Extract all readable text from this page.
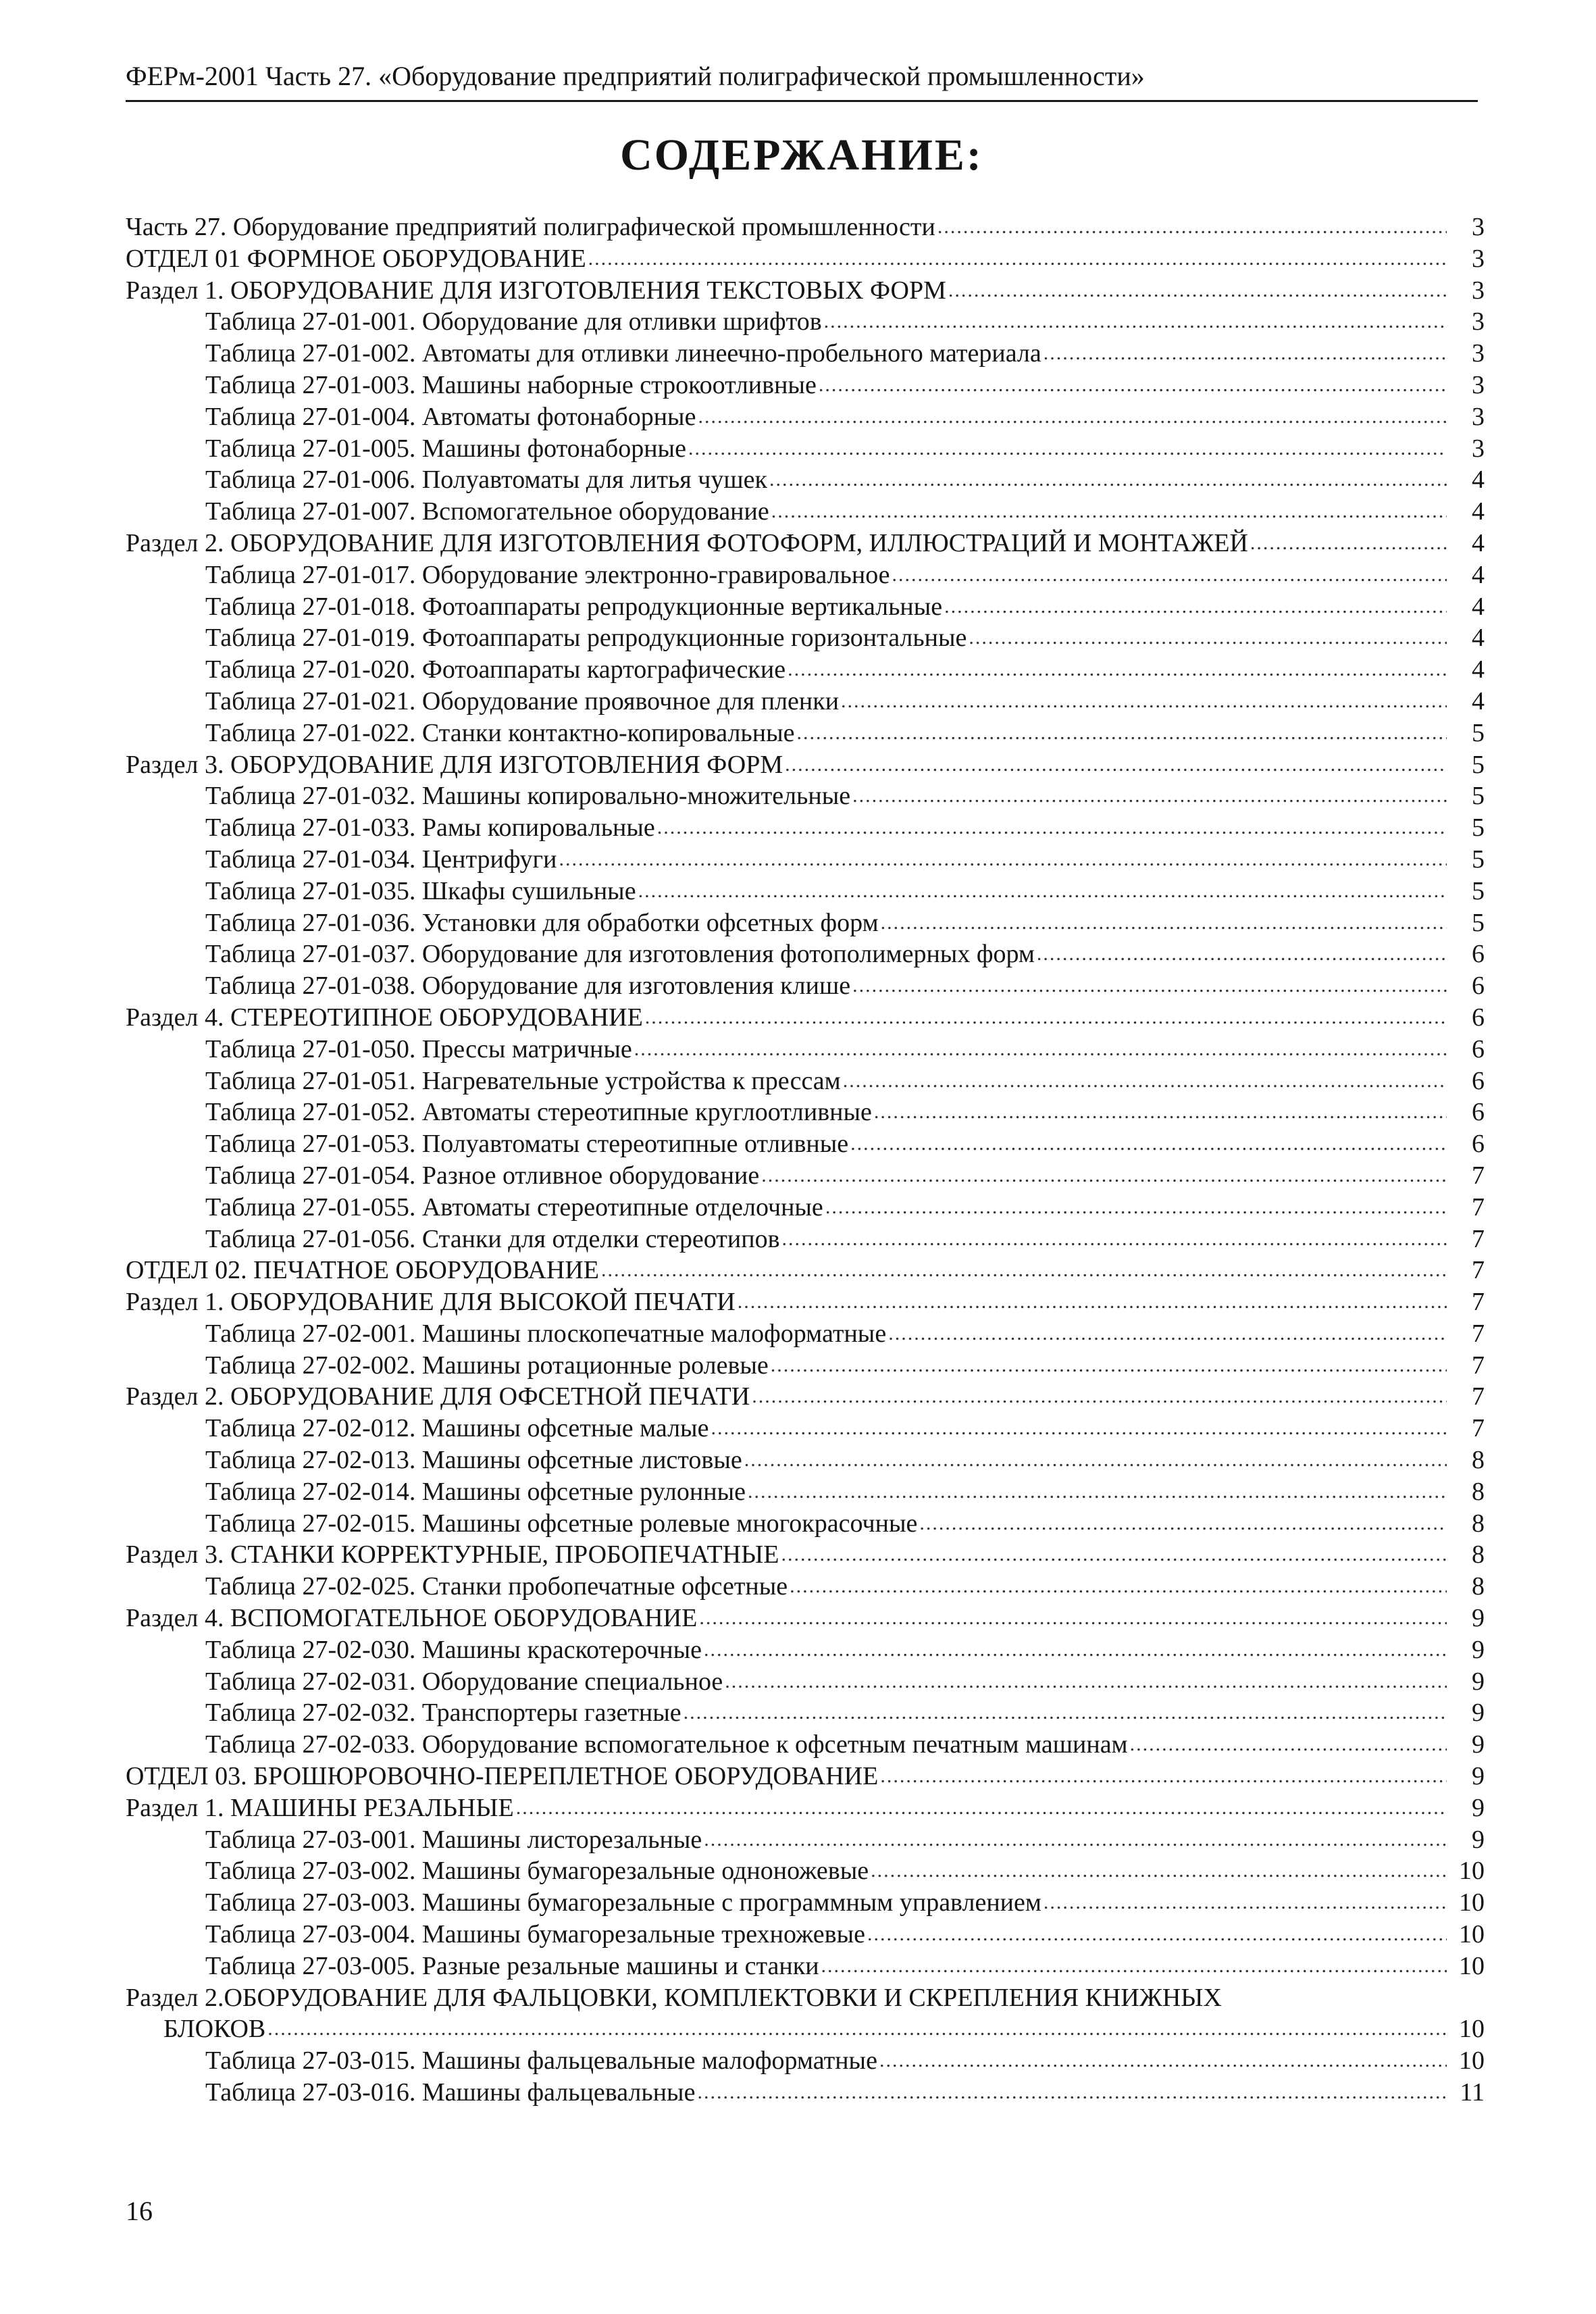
ФЕРм-2001 Часть 27. «Оборудование предприятий полиграфической промышленности»
СОДЕРЖАНИЕ:
Часть 27. Оборудование предприятий полиграфической промышленности .....	3
ОТДЕЛ 01 ФОРМНОЕ ОБОРУДОВАНИЕ .....	3
Раздел 1. ОБОРУДОВАНИЕ ДЛЯ ИЗГОТОВЛЕНИЯ ТЕКСТОВЫХ ФОРМ .....	3
Таблица 27-01-001. Оборудование для отливки шрифтов .....	3
Таблица 27-01-002. Автоматы для отливки линеечно-пробельного материала .....	3
Таблица 27-01-003. Машины наборные строкоотливные .....	3
Таблица 27-01-004. Автоматы фотонаборные .....	3
Таблица 27-01-005. Машины фотонаборные .....	3
Таблица 27-01-006. Полуавтоматы для литья чушек .....	4
Таблица 27-01-007. Вспомогательное оборудование .....	4
Раздел 2. ОБОРУДОВАНИЕ ДЛЯ ИЗГОТОВЛЕНИЯ ФОТОФОРМ, ИЛЛЮСТРАЦИЙ И МОНТАЖЕЙ .....	4
Таблица 27-01-017. Оборудование электронно-гравировальное .....	4
Таблица 27-01-018. Фотоаппараты репродукционные вертикальные .....	4
Таблица 27-01-019. Фотоаппараты репродукционные горизонтальные .....	4
Таблица 27-01-020. Фотоаппараты картографические .....	4
Таблица 27-01-021. Оборудование проявочное для пленки .....	4
Таблица 27-01-022. Станки контактно-копировальные .....	5
Раздел 3. ОБОРУДОВАНИЕ ДЛЯ ИЗГОТОВЛЕНИЯ ФОРМ .....	5
Таблица 27-01-032. Машины копировально-множительные .....	5
Таблица 27-01-033. Рамы копировальные .....	5
Таблица 27-01-034. Центрифуги .....	5
Таблица 27-01-035. Шкафы сушильные .....	5
Таблица 27-01-036. Установки для обработки офсетных форм .....	5
Таблица 27-01-037. Оборудование для изготовления фотополимерных форм .....	6
Таблица 27-01-038. Оборудование для изготовления клише .....	6
Раздел 4. СТЕРЕОТИПНОЕ ОБОРУДОВАНИЕ .....	6
Таблица 27-01-050. Прессы матричные .....	6
Таблица 27-01-051. Нагревательные устройства к прессам .....	6
Таблица 27-01-052. Автоматы стереотипные круглоотливные .....	6
Таблица 27-01-053. Полуавтоматы стереотипные отливные .....	6
Таблица 27-01-054. Разное отливное оборудование .....	7
Таблица 27-01-055. Автоматы стереотипные отделочные .....	7
Таблица 27-01-056. Станки для отделки стереотипов .....	7
ОТДЕЛ 02. ПЕЧАТНОЕ ОБОРУДОВАНИЕ .....	7
Раздел 1. ОБОРУДОВАНИЕ ДЛЯ ВЫСОКОЙ ПЕЧАТИ .....	7
Таблица 27-02-001. Машины плоскопечатные малоформатные .....	7
Таблица 27-02-002. Машины ротационные ролевые .....	7
Раздел 2. ОБОРУДОВАНИЕ ДЛЯ ОФСЕТНОЙ ПЕЧАТИ .....	7
Таблица 27-02-012. Машины офсетные малые .....	7
Таблица 27-02-013. Машины офсетные листовые .....	8
Таблица 27-02-014. Машины офсетные рулонные .....	8
Таблица 27-02-015. Машины офсетные ролевые многокрасочные .....	8
Раздел 3. СТАНКИ КОРРЕКТУРНЫЕ, ПРОБОПЕЧАТНЫЕ .....	8
Таблица 27-02-025. Станки пробопечатные офсетные .....	8
Раздел 4. ВСПОМОГАТЕЛЬНОЕ ОБОРУДОВАНИЕ .....	9
Таблица 27-02-030. Машины краскотерочные .....	9
Таблица 27-02-031. Оборудование специальное .....	9
Таблица 27-02-032. Транспортеры газетные .....	9
Таблица 27-02-033. Оборудование вспомогательное к офсетным печатным машинам .....	9
ОТДЕЛ 03. БРОШЮРОВОЧНО-ПЕРЕПЛЕТНОЕ ОБОРУДОВАНИЕ .....	9
Раздел 1. МАШИНЫ РЕЗАЛЬНЫЕ .....	9
Таблица 27-03-001. Машины листорезальные .....	9
Таблица 27-03-002. Машины бумагорезальные одноножевые .....	10
Таблица 27-03-003. Машины бумагорезальные с программным управлением .....	10
Таблица 27-03-004. Машины бумагорезальные трехножевые .....	10
Таблица 27-03-005. Разные резальные машины и станки .....	10
Раздел 2.ОБОРУДОВАНИЕ ДЛЯ ФАЛЬЦОВКИ, КОМПЛЕКТОВКИ И СКРЕПЛЕНИЯ КНИЖНЫХ
БЛОКОВ .....	10
Таблица 27-03-015. Машины фальцевальные малоформатные .....	10
Таблица 27-03-016. Машины фальцевальные .....	11
16
